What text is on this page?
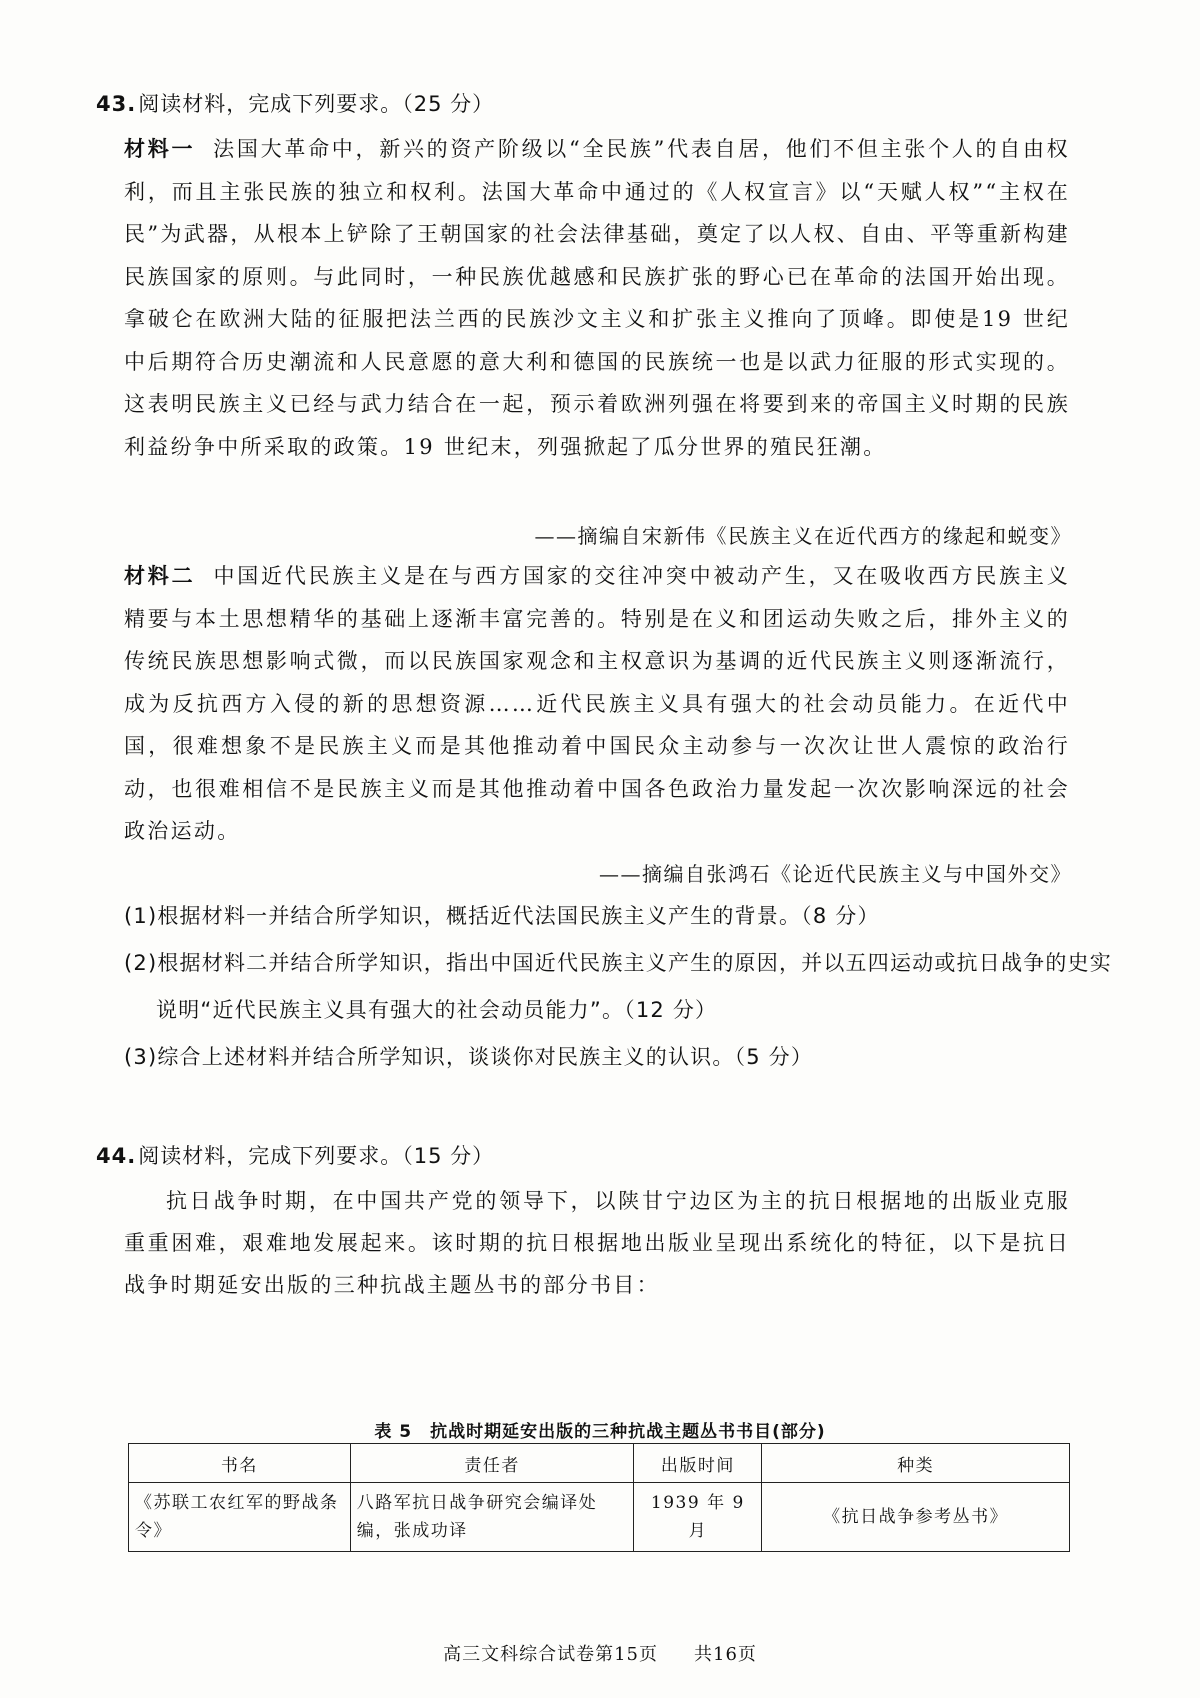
43.阅读材料，完成下列要求。（25 分）
材料一 法国大革命中，新兴的资产阶级以“全民族”代表自居，他们不但主张个人的自由权利，而且主张民族的独立和权利。法国大革命中通过的《人权宣言》以“天赋人权”“主权在民”为武器，从根本上铲除了王朝国家的社会法律基础，奠定了以人权、自由、平等重新构建民族国家的原则。与此同时，一种民族优越感和民族扩张的野心已在革命的法国开始出现。拿破仑在欧洲大陆的征服把法兰西的民族沙文主义和扩张主义推向了顶峰。即使是19 世纪中后期符合历史潮流和人民意愿的意大利和德国的民族统一也是以武力征服的形式实现的。这表明民族主义已经与武力结合在一起，预示着欧洲列强在将要到来的帝国主义时期的民族利益纷争中所采取的政策。19 世纪末，列强掀起了瓜分世界的殖民狂潮。
——摘编自宋新伟《民族主义在近代西方的缘起和蜕变》
材料二 中国近代民族主义是在与西方国家的交往冲突中被动产生，又在吸收西方民族主义精要与本土思想精华的基础上逐渐丰富完善的。特别是在义和团运动失败之后，排外主义的传统民族思想影响式微，而以民族国家观念和主权意识为基调的近代民族主义则逐渐流行，成为反抗西方入侵的新的思想资源……近代民族主义具有强大的社会动员能力。在近代中国，很难想象不是民族主义而是其他推动着中国民众主动参与一次次让世人震惊的政治行动，也很难相信不是民族主义而是其他推动着中国各色政治力量发起一次次影响深远的社会政治运动。
——摘编自张鸿石《论近代民族主义与中国外交》
(1)根据材料一并结合所学知识，概括近代法国民族主义产生的背景。（8 分）
(2)根据材料二并结合所学知识，指出中国近代民族主义产生的原因，并以五四运动或抗日战争的史实说明“近代民族主义具有强大的社会动员能力”。（12 分）
(3)综合上述材料并结合所学知识，谈谈你对民族主义的认识。（5 分）
44.阅读材料，完成下列要求。（15 分）
抗日战争时期，在中国共产党的领导下，以陕甘宁边区为主的抗日根据地的出版业克服重重困难，艰难地发展起来。该时期的抗日根据地出版业呈现出系统化的特征，以下是抗日战争时期延安出版的三种抗战主题丛书的部分书目：
表 5　抗战时期延安出版的三种抗战主题丛书书目(部分)
书名	责任者	出版时间	种类
《苏联工农红军的野战条令》	八路军抗日战争研究会编译处编，张成功译	1939 年 9 月	《抗日战争参考丛书》
高三文科综合试卷第15页 共16页
